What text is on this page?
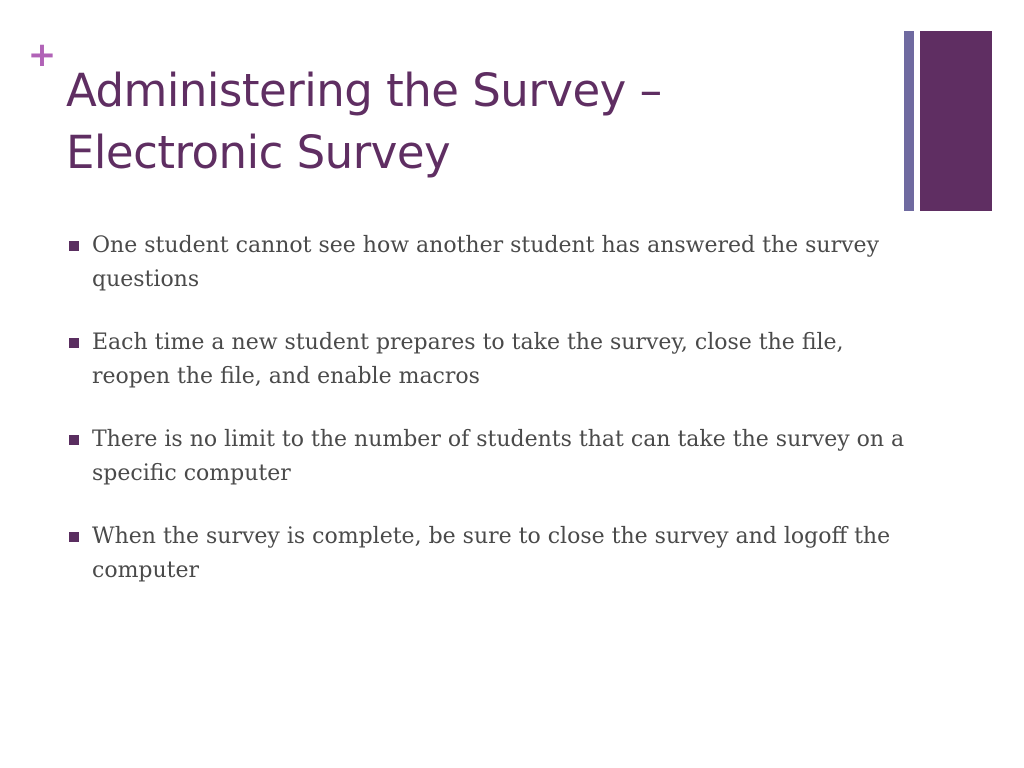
+
Administering the Survey –
Electronic Survey
One student cannot see how another student has answered the survey questions
Each time a new student prepares to take the survey, close the file, reopen the file, and enable macros
There is no limit to the number of students that can take the survey on a specific computer
When the survey is complete, be sure to close the survey and logoff the computer
